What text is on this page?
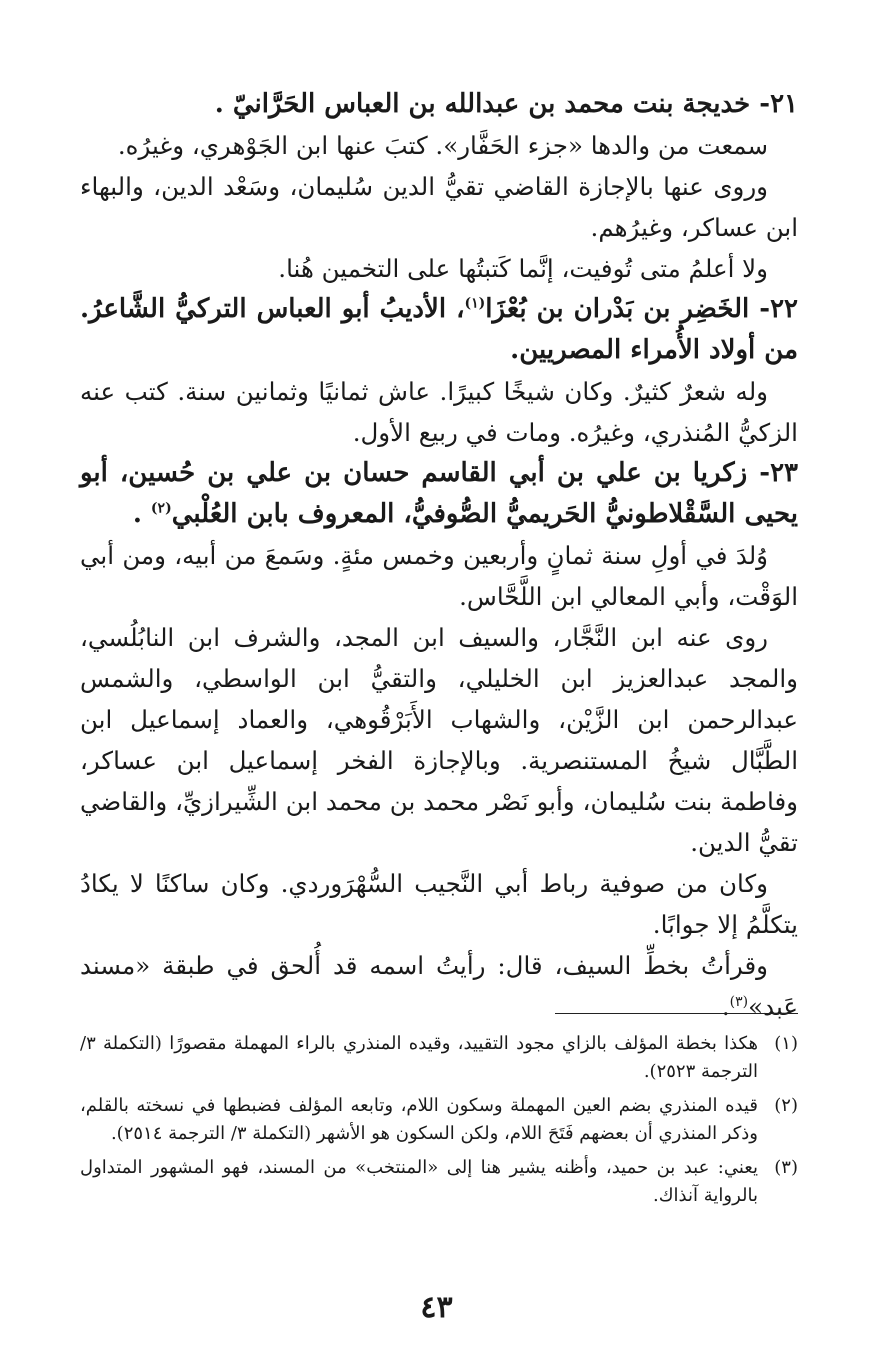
٢١- خديجة بنت محمد بن عبدالله بن العباس الحَرَّانيّ .

سمعت من والدها «جزء الحَفَّار». كتبَ عنها ابن الجَوْهري، وغيرُه.

وروى عنها بالإجازة القاضي تقيُّ الدين سُليمان، وسَعْد الدين، والبهاء ابن عساكر، وغيرُهم.

ولا أعلمُ متى تُوفيت، إنَّما كَتبتُها على التخمين هُنا.

٢٢- الخَضِر بن بَدْران بن بُعْزَا$^{(١)}$، الأديبُ أبو العباس التركيُّ الشَّاعرُ. من أولاد الأُمراء المصريين.

وله شعرٌ كثيرٌ. وكان شيخًا كبيرًا. عاش ثمانيًا وثمانين سنة. كتب عنه الزكيُّ المُنذري، وغيرُه. ومات في ربيع الأول.

٢٣- زكريا بن علي بن أبي القاسم حسان بن علي بن حُسين، أبو يحيى السَّقْلاطونيُّ الحَريميُّ الصُّوفيُّ، المعروف بابن العُلْبي$^{(٢)}$ .

وُلدَ في أولِ سنة ثمانٍ وأربعين وخمس مئةٍ. وسَمعَ من أبيه، ومن أبي الوَقْت، وأبي المعالي ابن اللَّحَّاس.

روى عنه ابن النَّجَّار، والسيف ابن المجد، والشرف ابن النابُلُسي، والمجد عبدالعزيز ابن الخليلي، والتقيُّ ابن الواسطي، والشمس عبدالرحمن ابن الزَّيْن، والشهاب الأَبَرْقُوهي، والعماد إسماعيل ابن الطَّبَّال شيخُ المستنصرية. وبالإجازة الفخر إسماعيل ابن عساكر، وفاطمة بنت سُليمان، وأبو نَصْر محمد بن محمد ابن الشِّيرازيِّ، والقاضي تقيُّ الدين.

وكان من صوفية رباط أبي النَّجيب السُّهْرَوردي. وكان ساكنًا لا يكادُ يتكلَّمُ إلا جوابًا.

وقرأتُ بخطِّ السيف، قال: رأيتُ اسمه قد أُلحق في طبقة «مسند عَبد»$^{(٣)}$.

(١)
هكذا بخطة المؤلف بالزاي مجود التقييد، وقيده المنذري بالراء المهملة مقصورًا (التكملة ٣/ الترجمة ٢٥٢٣).
(٢)
قيده المنذري بضم العين المهملة وسكون اللام، وتابعه المؤلف فضبطها في نسخته بالقلم، وذكر المنذري أن بعضهم فَتَحَ اللام، ولكن السكون هو الأشهر (التكملة ٣/ الترجمة ٢٥١٤).
(٣)
يعني: عبد بن حميد، وأظنه يشير هنا إلى «المنتخب» من المسند، فهو المشهور المتداول بالرواية آنذاك.
٤٣
